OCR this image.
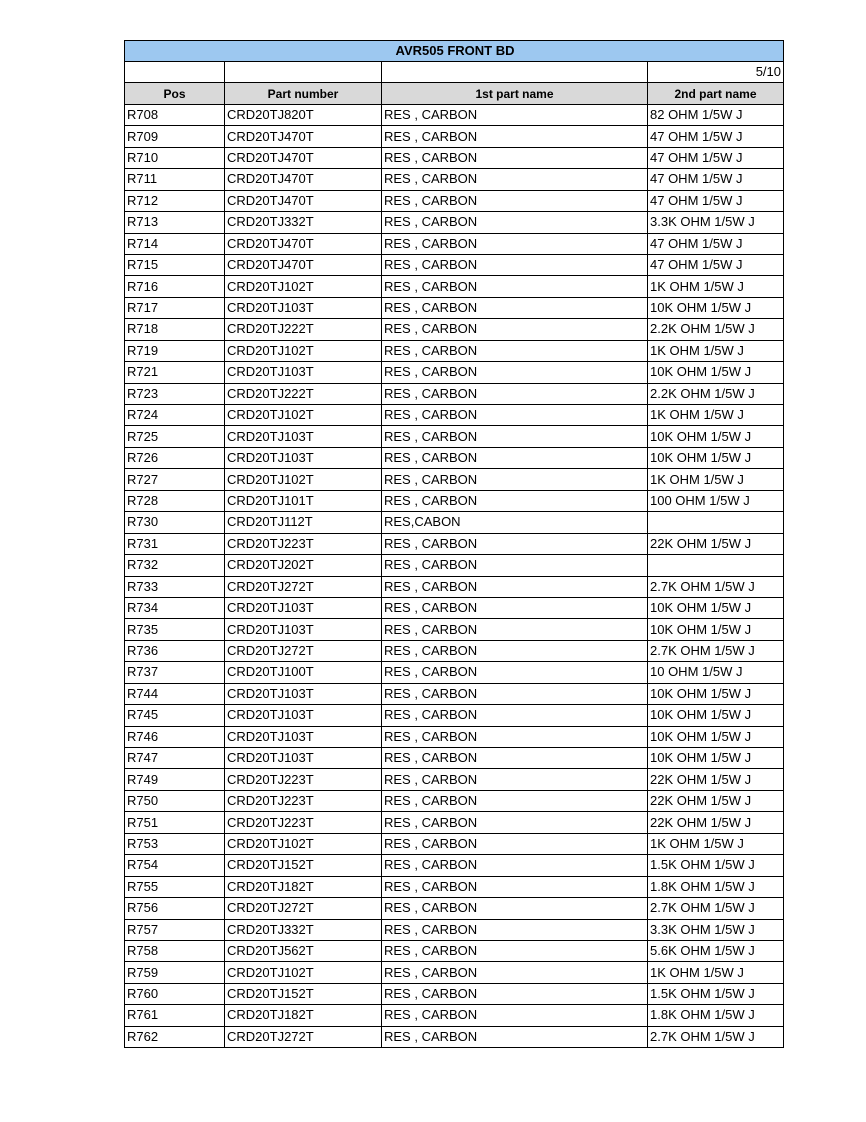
AVR505 FRONT BD			
			5/10
Pos	Part number	1st part name	2nd part name
R708	CRD20TJ820T	RES , CARBON	82 OHM 1/5W J
R709	CRD20TJ470T	RES , CARBON	47 OHM 1/5W J
R710	CRD20TJ470T	RES , CARBON	47 OHM 1/5W J
R711	CRD20TJ470T	RES , CARBON	47 OHM 1/5W J
R712	CRD20TJ470T	RES , CARBON	47 OHM 1/5W J
R713	CRD20TJ332T	RES , CARBON	3.3K OHM 1/5W J
R714	CRD20TJ470T	RES , CARBON	47 OHM 1/5W J
R715	CRD20TJ470T	RES , CARBON	47 OHM 1/5W J
R716	CRD20TJ102T	RES , CARBON	1K OHM 1/5W J
R717	CRD20TJ103T	RES , CARBON	10K OHM 1/5W J
R718	CRD20TJ222T	RES , CARBON	2.2K OHM 1/5W J
R719	CRD20TJ102T	RES , CARBON	1K OHM 1/5W J
R721	CRD20TJ103T	RES , CARBON	10K OHM 1/5W J
R723	CRD20TJ222T	RES , CARBON	2.2K OHM 1/5W J
R724	CRD20TJ102T	RES , CARBON	1K OHM 1/5W J
R725	CRD20TJ103T	RES , CARBON	10K OHM 1/5W J
R726	CRD20TJ103T	RES , CARBON	10K OHM 1/5W J
R727	CRD20TJ102T	RES , CARBON	1K OHM 1/5W J
R728	CRD20TJ101T	RES , CARBON	100 OHM 1/5W J
R730	CRD20TJ112T	RES,CABON	
R731	CRD20TJ223T	RES , CARBON	22K OHM 1/5W J
R732	CRD20TJ202T	RES , CARBON	
R733	CRD20TJ272T	RES , CARBON	2.7K OHM 1/5W J
R734	CRD20TJ103T	RES , CARBON	10K OHM 1/5W J
R735	CRD20TJ103T	RES , CARBON	10K OHM 1/5W J
R736	CRD20TJ272T	RES , CARBON	2.7K OHM 1/5W J
R737	CRD20TJ100T	RES , CARBON	10 OHM 1/5W J
R744	CRD20TJ103T	RES , CARBON	10K OHM 1/5W J
R745	CRD20TJ103T	RES , CARBON	10K OHM 1/5W J
R746	CRD20TJ103T	RES , CARBON	10K OHM 1/5W J
R747	CRD20TJ103T	RES , CARBON	10K OHM 1/5W J
R749	CRD20TJ223T	RES , CARBON	22K OHM 1/5W J
R750	CRD20TJ223T	RES , CARBON	22K OHM 1/5W J
R751	CRD20TJ223T	RES , CARBON	22K OHM 1/5W J
R753	CRD20TJ102T	RES , CARBON	1K OHM 1/5W J
R754	CRD20TJ152T	RES , CARBON	1.5K OHM 1/5W J
R755	CRD20TJ182T	RES , CARBON	1.8K OHM 1/5W J
R756	CRD20TJ272T	RES , CARBON	2.7K OHM 1/5W J
R757	CRD20TJ332T	RES , CARBON	3.3K OHM 1/5W J
R758	CRD20TJ562T	RES , CARBON	5.6K OHM 1/5W J
R759	CRD20TJ102T	RES , CARBON	1K OHM 1/5W J
R760	CRD20TJ152T	RES , CARBON	1.5K OHM 1/5W J
R761	CRD20TJ182T	RES , CARBON	1.8K OHM 1/5W J
R762	CRD20TJ272T	RES , CARBON	2.7K OHM 1/5W J
